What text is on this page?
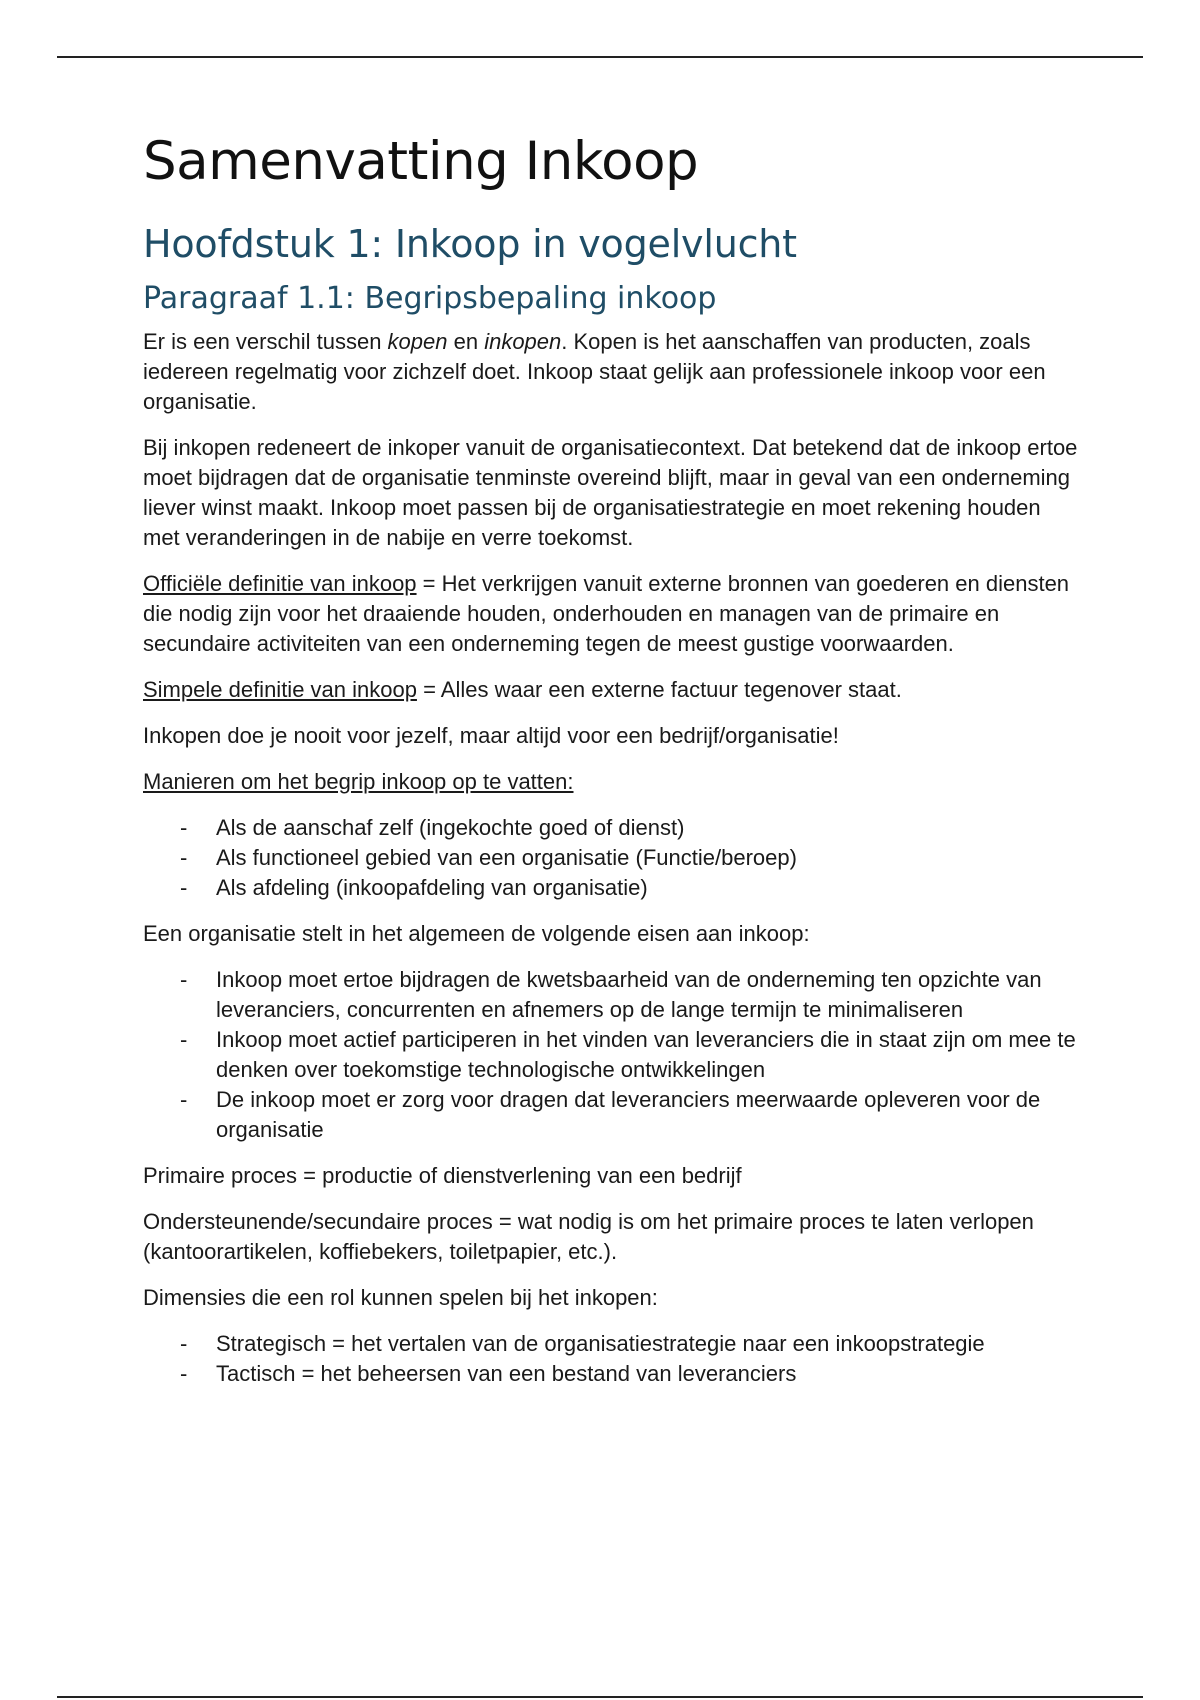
Samenvatting Inkoop
Hoofdstuk 1: Inkoop in vogelvlucht
Paragraaf 1.1: Begripsbepaling inkoop

Er is een verschil tussen kopen en inkopen. Kopen is het aanschaffen van producten, zoals iedereen regelmatig voor zichzelf doet. Inkoop staat gelijk aan professionele inkoop voor een organisatie.

Bij inkopen redeneert de inkoper vanuit de organisatiecontext. Dat betekend dat de inkoop ertoe moet bijdragen dat de organisatie tenminste overeind blijft, maar in geval van een onderneming liever winst maakt. Inkoop moet passen bij de organisatiestrategie en moet rekening houden met veranderingen in de nabije en verre toekomst.

Officiële definitie van inkoop = Het verkrijgen vanuit externe bronnen van goederen en diensten die nodig zijn voor het draaiende houden, onderhouden en managen van de primaire en secundaire activiteiten van een onderneming tegen de meest gustige voorwaarden.

Simpele definitie van inkoop = Alles waar een externe factuur tegenover staat.

Inkopen doe je nooit voor jezelf, maar altijd voor een bedrijf/organisatie!

Manieren om het begrip inkoop op te vatten:

- Als de aanschaf zelf (ingekochte goed of dienst)
- Als functioneel gebied van een organisatie (Functie/beroep)
- Als afdeling (inkoopafdeling van organisatie)

Een organisatie stelt in het algemeen de volgende eisen aan inkoop:

- Inkoop moet ertoe bijdragen de kwetsbaarheid van de onderneming ten opzichte van leveranciers, concurrenten en afnemers op de lange termijn te minimaliseren
- Inkoop moet actief participeren in het vinden van leveranciers die in staat zijn om mee te denken over toekomstige technologische ontwikkelingen
- De inkoop moet er zorg voor dragen dat leveranciers meerwaarde opleveren voor de organisatie

Primaire proces = productie of dienstverlening van een bedrijf

Ondersteunende/secundaire proces = wat nodig is om het primaire proces te laten verlopen (kantoorartikelen, koffiebekers, toiletpapier, etc.).

Dimensies die een rol kunnen spelen bij het inkopen:

- Strategisch = het vertalen van de organisatiestrategie naar een inkoopstrategie
- Tactisch = het beheersen van een bestand van leveranciers
